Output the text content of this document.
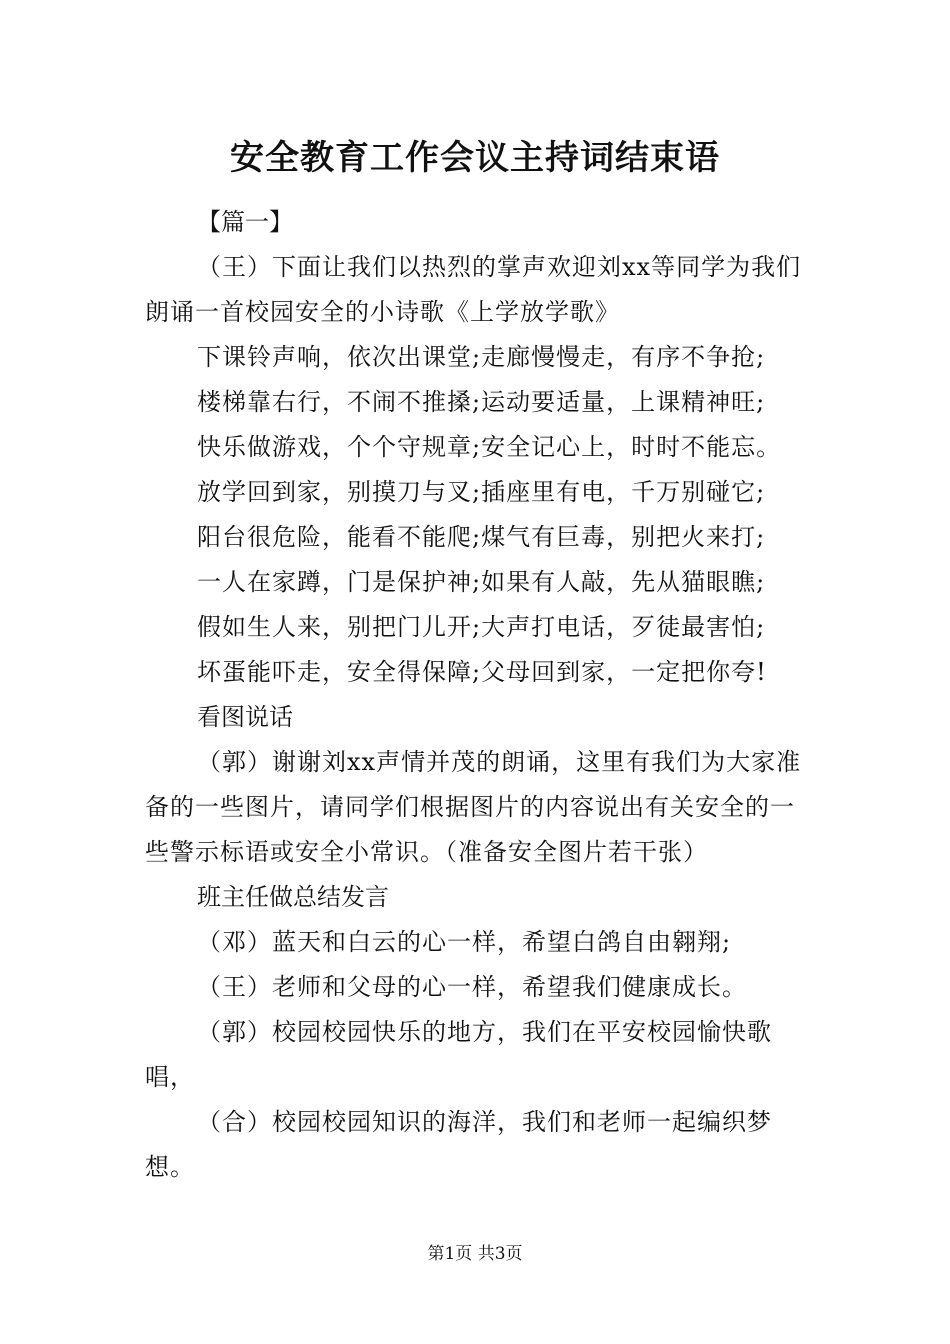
安全教育工作会议主持词结束语

【篇一】

（王）下面让我们以热烈的掌声欢迎刘xx等同学为我们朗诵一首校园安全的小诗歌《上学放学歌》

下课铃声响，依次出课堂;走廊慢慢走，有序不争抢;

楼梯靠右行，不闹不推搡;运动要适量，上课精神旺;

快乐做游戏，个个守规章;安全记心上，时时不能忘。

放学回到家，别摸刀与叉;插座里有电，千万别碰它;

阳台很危险，能看不能爬;煤气有巨毒，别把火来打;

一人在家蹲，门是保护神;如果有人敲，先从猫眼瞧;

假如生人来，别把门儿开;大声打电话，歹徒最害怕;

坏蛋能吓走，安全得保障;父母回到家，一定把你夸!

看图说话

（郭）谢谢刘xx声情并茂的朗诵，这里有我们为大家准备的一些图片，请同学们根据图片的内容说出有关安全的一些警示标语或安全小常识。（准备安全图片若干张）

班主任做总结发言

（邓）蓝天和白云的心一样，希望白鸽自由翱翔;

（王）老师和父母的心一样，希望我们健康成长。

（郭）校园校园快乐的地方，我们在平安校园愉快歌唱，

（合）校园校园知识的海洋，我们和老师一起编织梦想。

第1页 共3页
